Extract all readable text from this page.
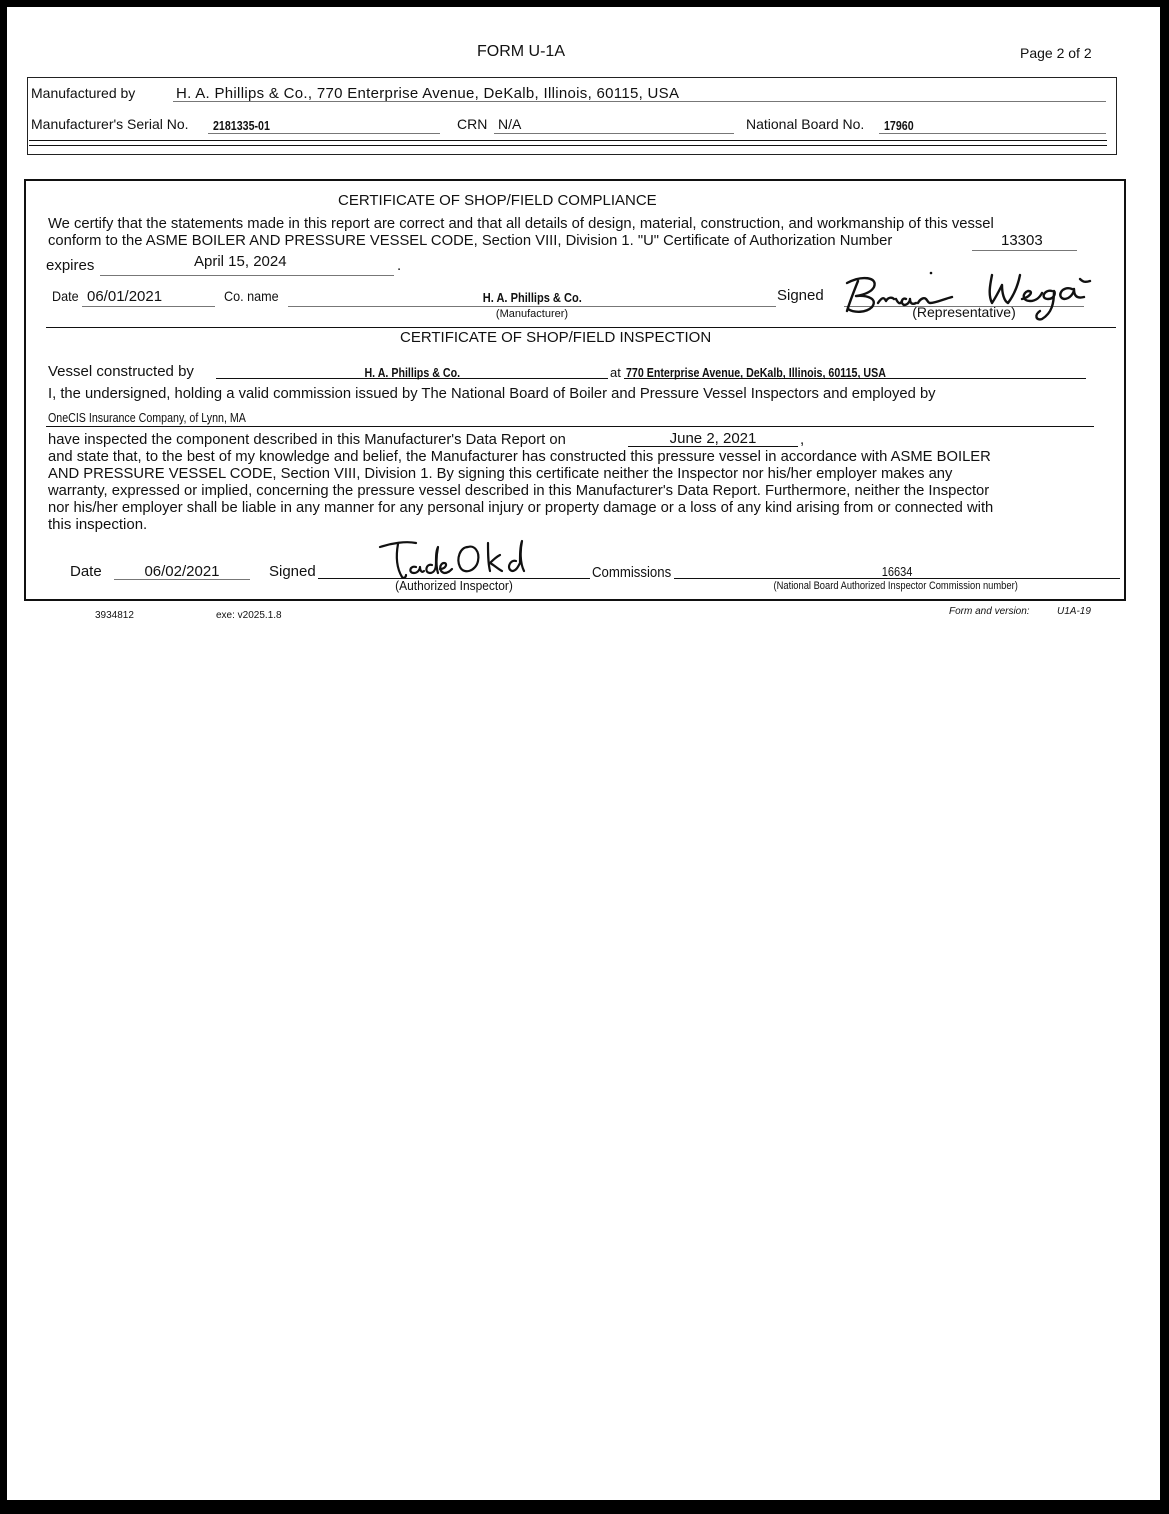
FORM U-1A	Page 2 of 2
Manufactured by	H. A. Phillips & Co., 770 Enterprise Avenue, DeKalb, Illinois, 60115, USA
Manufacturer's Serial No. 2181335-01	CRN N/A	National Board No. 17960
CERTIFICATE OF SHOP/FIELD COMPLIANCE
We certify that the statements made in this report are correct and that all details of design, material, construction, and workmanship of this vessel
conform to the ASME BOILER AND PRESSURE VESSEL CODE, Section VIII, Division 1. "U" Certificate of Authorization Number	13303
expires	April 15, 2024	.
Date 06/01/2021	Co. name	H. A. Phillips & Co.
(Manufacturer)
Signed
(Representative)
CERTIFICATE OF SHOP/FIELD INSPECTION
Vessel constructed by	H. A. Phillips & Co.	at 770 Enterprise Avenue, DeKalb, Illinois, 60115, USA
I, the undersigned, holding a valid commission issued by The National Board of Boiler and Pressure Vessel Inspectors and employed by
OneCIS Insurance Company, of Lynn, MA
have inspected the component described in this Manufacturer's Data Report on	June 2, 2021	,
and state that, to the best of my knowledge and belief, the Manufacturer has constructed this pressure vessel in accordance with ASME BOILER
AND PRESSURE VESSEL CODE, Section VIII, Division 1. By signing this certificate neither the Inspector nor his/her employer makes any
warranty, expressed or implied, concerning the pressure vessel described in this Manufacturer's Data Report. Furthermore, neither the Inspector
nor his/her employer shall be liable in any manner for any personal injury or property damage or a loss of any kind arising from or connected with
this inspection.
Date	06/02/2021	Signed
(Authorized Inspector)
Commissions	16634
(National Board Authorized Inspector Commission number)
3934812	exe: v2025.1.8	Form and version:	U1A-19
